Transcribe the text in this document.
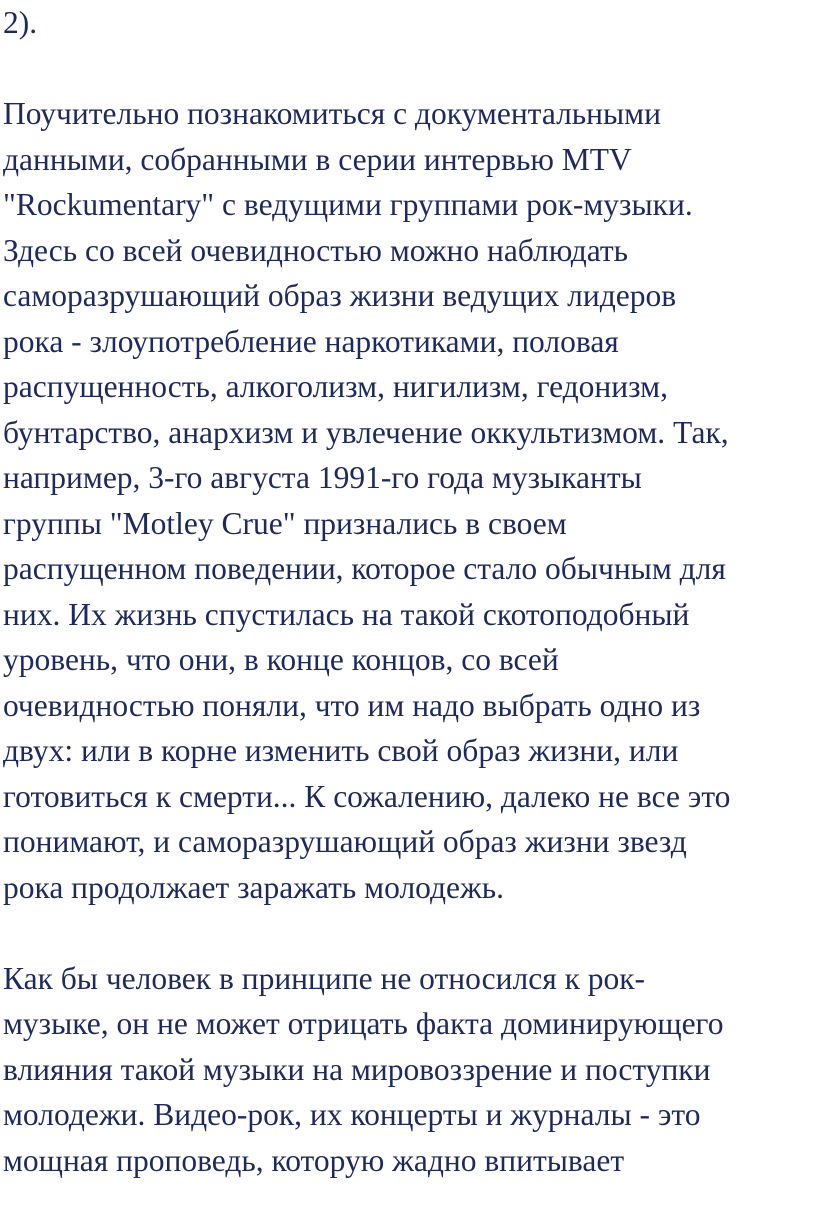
2).
Поучительно познакомиться с документальными
данными, собранными в серии интервью MTV
"Rockumentary" с ведущими группами рок-музыки.
Здесь со всей очевидностью можно наблюдать
саморазрушающий образ жизни ведущих лидеров
рока - злоупотребление наркотиками, половая
распущенность, алкоголизм, нигилизм, гедонизм,
бунтарство, анархизм и увлечение оккультизмом. Так,
например, 3-го августа 1991-го года музыканты
группы "Motley Crue" признались в своем
распущенном поведении, которое стало обычным для
них. Их жизнь спустилась на такой скотоподобный
уровень, что они, в конце концов, со всей
очевидностью поняли, что им надо выбрать одно из
двух: или в корне изменить свой образ жизни, или
готовиться к смерти... К сожалению, далеко не все это
понимают, и саморазрушающий образ жизни звезд
рока продолжает заражать молодежь.
Как бы человек в принципе не относился к рок-
музыке, он не может отрицать факта доминирующего
влияния такой музыки на мировоззрение и поступки
молодежи. Видео-рок, их концерты и журналы - это
мощная проповедь, которую жадно впитывает
